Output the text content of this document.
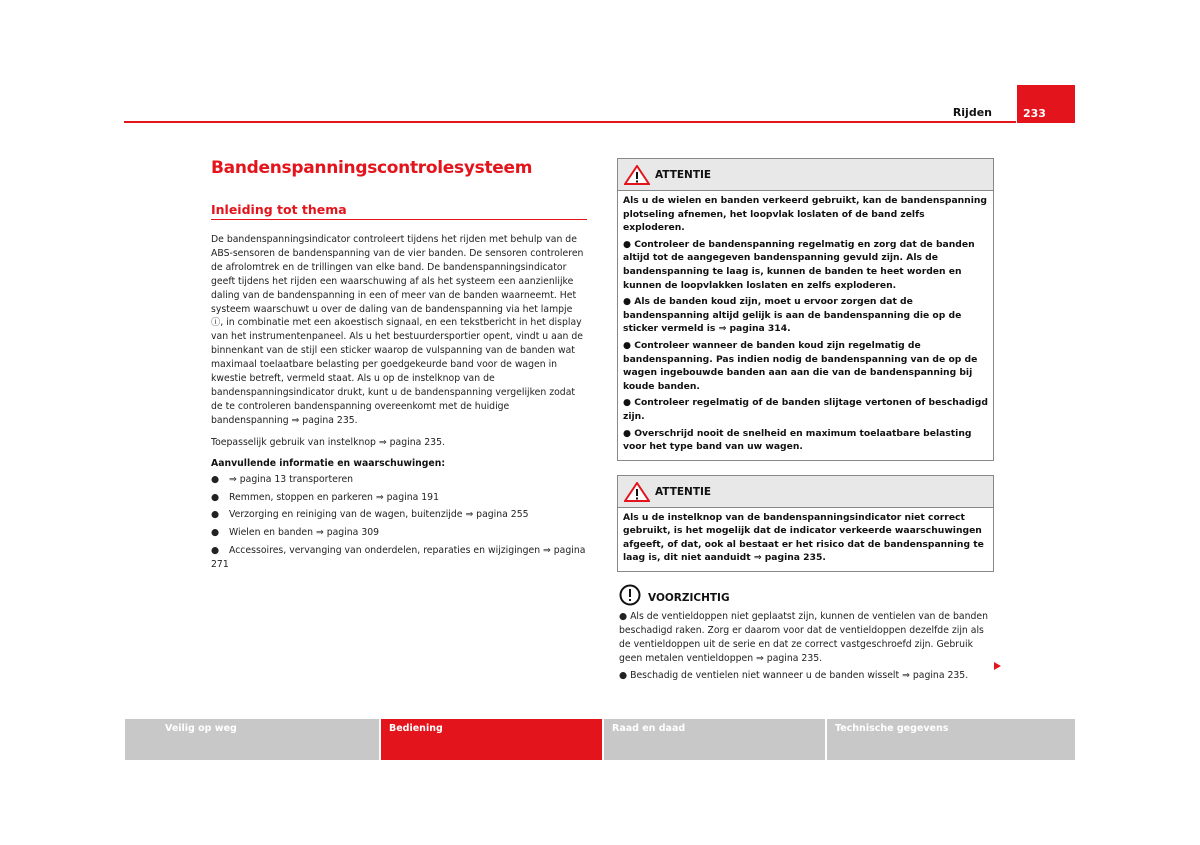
Rijden	233
Bandenspanningscontrolesysteem
Inleiding tot thema

De bandenspanningsindicator controleert tijdens het rijden met behulp van de ABS-sensoren de bandenspanning van de vier banden. De sensoren controleren de afrolomtrek en de trillingen van elke band. De bandenspanningsindicator geeft tijdens het rijden een waarschuwing af als het systeem een aanzienlijke daling van de bandenspanning in een of meer van de banden waarneemt. Het systeem waarschuwt u over de daling van de bandenspanning via het lampje ⓘ, in combinatie met een akoestisch signaal, en een tekstbericht in het display van het instrumentenpaneel. Als u het bestuurdersportier opent, vindt u aan de binnenkant van de stijl een sticker waarop de vulspanning van de banden wat maximaal toelaatbare belasting per goedgekeurde band voor de wagen in kwestie betreft, vermeld staat. Als u op de instelknop van de bandenspanningsindicator drukt, kunt u de bandenspanning vergelijken zodat de te controleren bandenspanning overeenkomt met de huidige bandenspanning ⇒ pagina 235.

Toepasselijk gebruik van instelknop ⇒ pagina 235.

Aanvullende informatie en waarschuwingen:

● ⇒ pagina 13 transporteren
● Remmen, stoppen en parkeren ⇒ pagina 191
● Verzorging en reiniging van de wagen, buitenzijde ⇒ pagina 255
● Wielen en banden ⇒ pagina 309
● Accessoires, vervanging van onderdelen, reparaties en wijzigingen ⇒ pagina 271
ATTENTIE

Als u de wielen en banden verkeerd gebruikt, kan de bandenspanning plotseling afnemen, het loopvlak loslaten of de band zelfs exploderen.

● Controleer de bandenspanning regelmatig en zorg dat de banden altijd tot de aangegeven bandenspanning gevuld zijn. Als de bandenspanning te laag is, kunnen de banden te heet worden en kunnen de loopvlakken loslaten en zelfs exploderen.

● Als de banden koud zijn, moet u ervoor zorgen dat de bandenspanning altijd gelijk is aan de bandenspanning die op de sticker vermeld is ⇒ pagina 314.

● Controleer wanneer de banden koud zijn regelmatig de bandenspanning. Pas indien nodig de bandenspanning van de op de wagen ingebouwde banden aan aan die van de bandenspanning bij koude banden.

● Controleer regelmatig of de banden slijtage vertonen of beschadigd zijn.

● Overschrijd nooit de snelheid en maximum toelaatbare belasting voor het type band van uw wagen.

ATTENTIE

Als u de instelknop van de bandenspanningsindicator niet correct gebruikt, is het mogelijk dat de indicator verkeerde waarschuwingen afgeeft, of dat, ook al bestaat er het risico dat de bandenspanning te laag is, dit niet aanduidt ⇒ pagina 235.

VOORZICHTIG

● Als de ventieldoppen niet geplaatst zijn, kunnen de ventielen van de banden beschadigd raken. Zorg er daarom voor dat de ventieldoppen dezelfde zijn als de ventieldoppen uit de serie en dat ze correct vastgeschroefd zijn. Gebruik geen metalen ventieldoppen ⇒ pagina 235.

● Beschadig de ventielen niet wanneer u de banden wisselt ⇒ pagina 235.

Veilig op weg	Bediening	Raad en daad	Technische gegevens
